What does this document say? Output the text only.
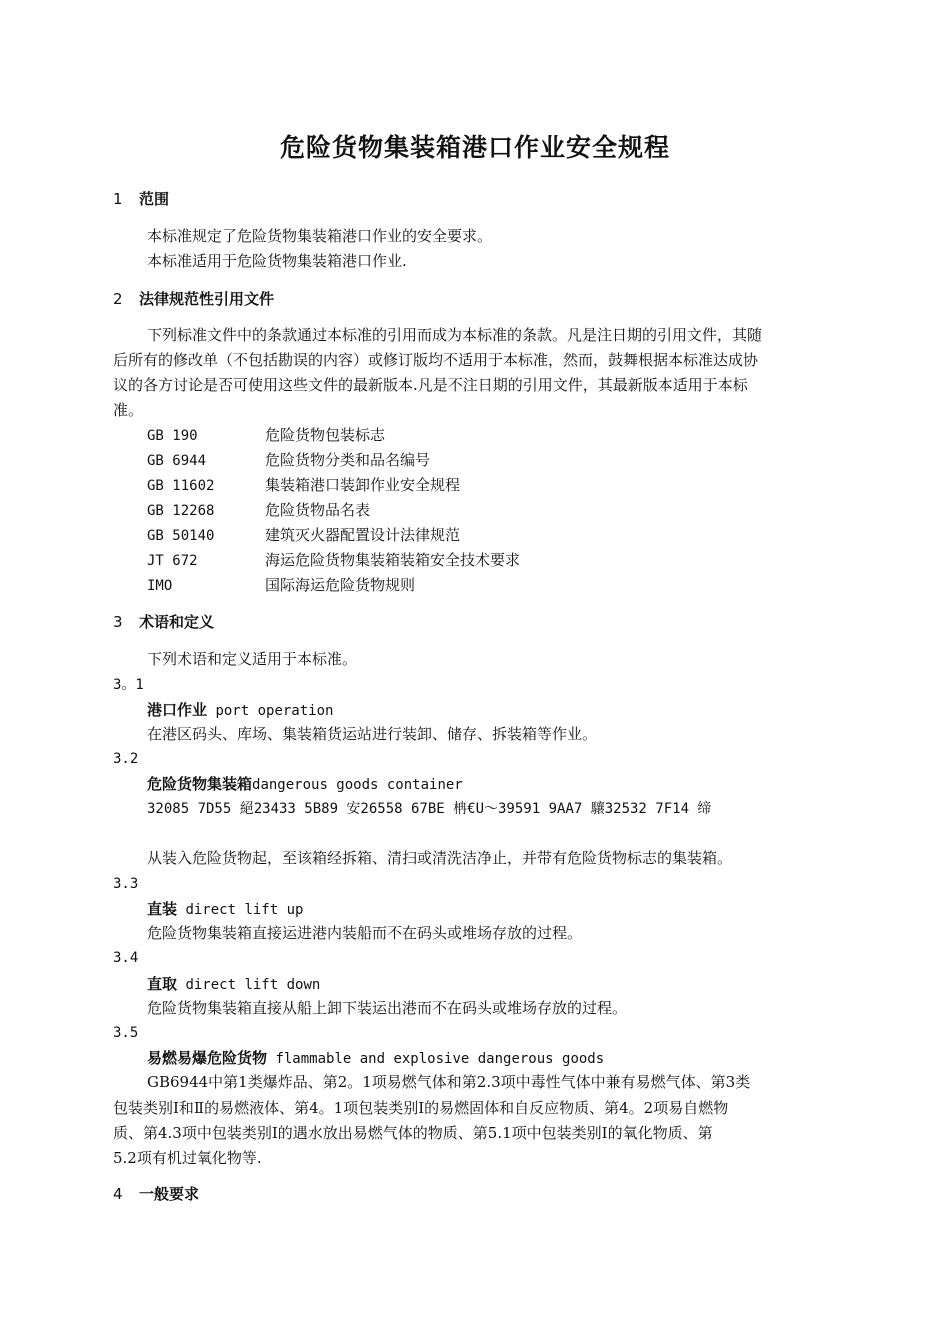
危险货物集装箱港口作业安全规程
1 范围
本标准规定了危险货物集装箱港口作业的安全要求。
本标准适用于危险货物集装箱港口作业.
2 法律规范性引用文件
下列标准文件中的条款通过本标准的引用而成为本标准的条款。凡是注日期的引用文件，其随
后所有的修改单（不包括勘误的内容）或修订版均不适用于本标准，然而，鼓舞根据本标准达成协
议的各方讨论是否可使用这些文件的最新版本.凡是不注日期的引用文件，其最新版本适用于本标
准。
GB 190	危险货物包装标志
GB 6944	危险货物分类和品名编号
GB 11602	集装箱港口装卸作业安全规程
GB 12268	危险货物品名表
GB 50140	建筑灭火器配置设计法律规范
JT 672	海运危险货物集装箱装箱安全技术要求
IMO	国际海运危险货物规则
3 术语和定义
下列术语和定义适用于本标准。
3。1
港口作业 port operation
在港区码头、库场、集装箱货运站进行装卸、储存、拆装箱等作业。
3.2
危险货物集装箱dangerous goods container
32085 7D55 絕23433 5B89 安26558 67BE 柟€U～39591 9AA7 驤32532 7F14 缔
从装入危险货物起，至该箱经拆箱、清扫或清洗洁净止，并带有危险货物标志的集装箱。
3.3
直装 direct lift up
危险货物集装箱直接运进港内装船而不在码头或堆场存放的过程。
3.4
直取 direct lift down
危险货物集装箱直接从船上卸下装运出港而不在码头或堆场存放的过程。
3.5
易燃易爆危险货物 flammable and explosive dangerous goods
GB6944中第1类爆炸品、第2。1项易燃气体和第2.3项中毒性气体中兼有易燃气体、第3类
包装类别Ⅰ和Ⅱ的易燃液体、第4。1项包装类别Ⅰ的易燃固体和自反应物质、第4。2项易自燃物
质、第4.3项中包装类别Ⅰ的遇水放出易燃气体的物质、第5.1项中包装类别Ⅰ的氧化物质、第
5.2项有机过氧化物等.
4 一般要求
